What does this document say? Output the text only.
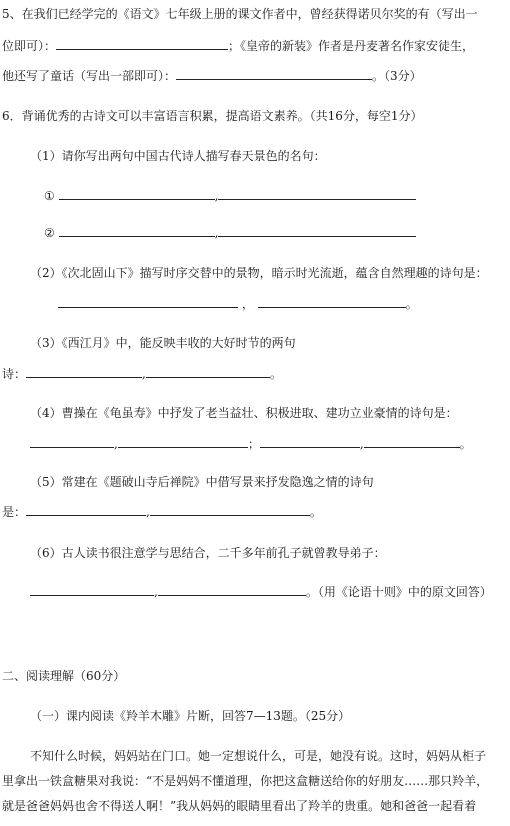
5、在我们已经学完的《语文》七年级上册的课文作者中，曾经获得诺贝尔奖的有（写出一
位即可）：	；《皇帝的新装》作者是丹麦著名作家安徒生，
他还写了童话（写出一部即可）：	。（3分）
6．背诵优秀的古诗文可以丰富语言积累，提高语文素养。（共16分，每空1分）
（1）请你写出两句中国古代诗人描写春天景色的名句：
①	,
②	,
（2）《次北固山下》描写时序交替中的景物，暗示时光流逝，蕴含自然理趣的诗句是：
，	。
（3）《西江月》中，能反映丰收的大好时节的两句
诗：	,	。
（4）曹操在《龟虽寿》中抒发了老当益壮、积极进取、建功立业豪情的诗句是：
,	；	,	。
（5）常建在《题破山寺后禅院》中借写景来抒发隐逸之情的诗句
是：	,	。
（6）古人读书很注意学与思结合，二千多年前孔子就曾教导弟子：
,	。（用《论语十则》中的原文回答）
二、阅读理解（60分）
（一）课内阅读《羚羊木雕》片断，回答7—13题。（25分）
不知什么时候，妈妈站在门口。她一定想说什么，可是，她没有说。这时，妈妈从柜子
里拿出一铁盒糖果对我说：“不是妈妈不懂道理，你把这盒糖送给你的好朋友……那只羚羊，
就是爸爸妈妈也舍不得送人啊！”我从妈妈的眼睛里看出了羚羊的贵重。她和爸爸一起看着
